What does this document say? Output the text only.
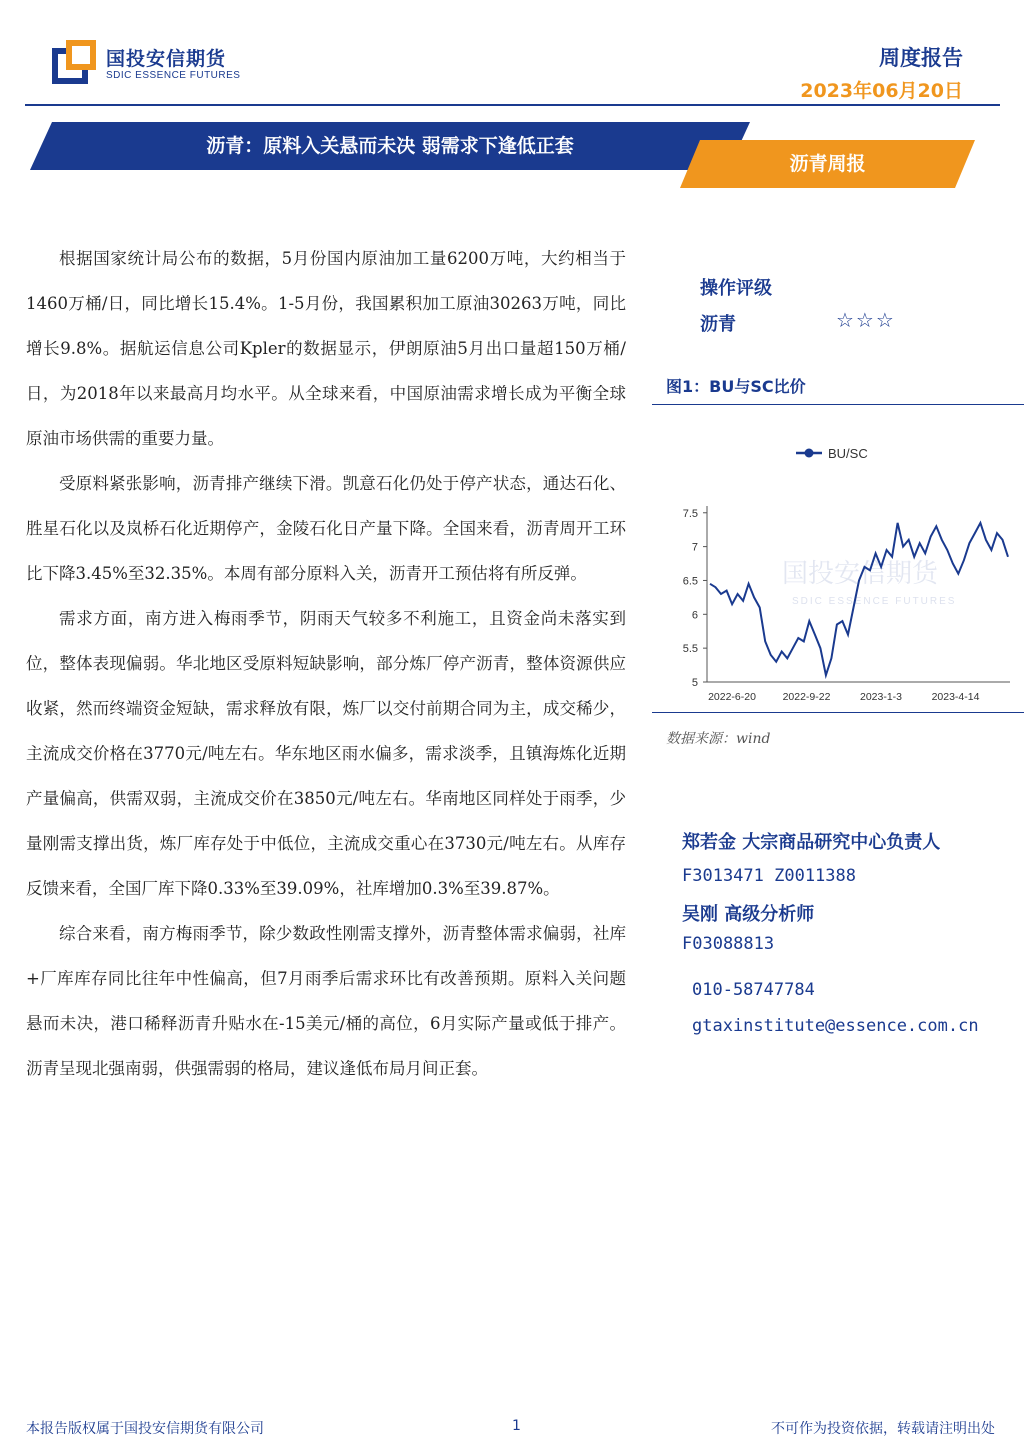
国投安信期货
SDIC ESSENCE FUTURES
周度报告
2023年06月20日
沥青：原料入关悬而未决 弱需求下逢低正套
沥青周报

根据国家统计局公布的数据，5月份国内原油加工量6200万吨，大约相当于1460万桶/日，同比增长15.4%。1-5月份，我国累积加工原油30263万吨，同比增长9.8%。据航运信息公司Kpler的数据显示，伊朗原油5月出口量超150万桶/日，为2018年以来最高月均水平。从全球来看，中国原油需求增长成为平衡全球原油市场供需的重要力量。

受原料紧张影响，沥青排产继续下滑。凯意石化仍处于停产状态，通达石化、胜星石化以及岚桥石化近期停产，金陵石化日产量下降。全国来看，沥青周开工环比下降3.45%至32.35%。本周有部分原料入关，沥青开工预估将有所反弹。

需求方面，南方进入梅雨季节，阴雨天气较多不利施工，且资金尚未落实到位，整体表现偏弱。华北地区受原料短缺影响，部分炼厂停产沥青，整体资源供应收紧，然而终端资金短缺，需求释放有限，炼厂以交付前期合同为主，成交稀少，主流成交价格在3770元/吨左右。华东地区雨水偏多，需求淡季，且镇海炼化近期产量偏高，供需双弱，主流成交价在3850元/吨左右。华南地区同样处于雨季，少量刚需支撑出货，炼厂库存处于中低位，主流成交重心在3730元/吨左右。从库存反馈来看，全国厂库下降0.33%至39.09%，社库增加0.3%至39.87%。

综合来看，南方梅雨季节，除少数政性刚需支撑外，沥青整体需求偏弱，社库+厂库库存同比往年中性偏高，但7月雨季后需求环比有改善预期。原料入关问题悬而未决，港口稀释沥青升贴水在-15美元/桶的高位，6月实际产量或低于排产。沥青呈现北强南弱，供强需弱的格局，建议逢低布局月间正套。

操作评级
沥青	☆☆☆
图1：BU与SC比价
国投安信期货
SDIC ESSENCE FUTURES
BU/SC
5
5.5
6
6.5
7
7.5
2022-6-20	2022-9-22	2023-1-3	2023-4-14
数据来源：wind
郑若金 大宗商品研究中心负责人
F3013471 Z0011388
吴刚 高级分析师
F03088813
010-58747784
gtaxinstitute@essence.com.cn
本报告版权属于国投安信期货有限公司	1	不可作为投资依据，转载请注明出处
